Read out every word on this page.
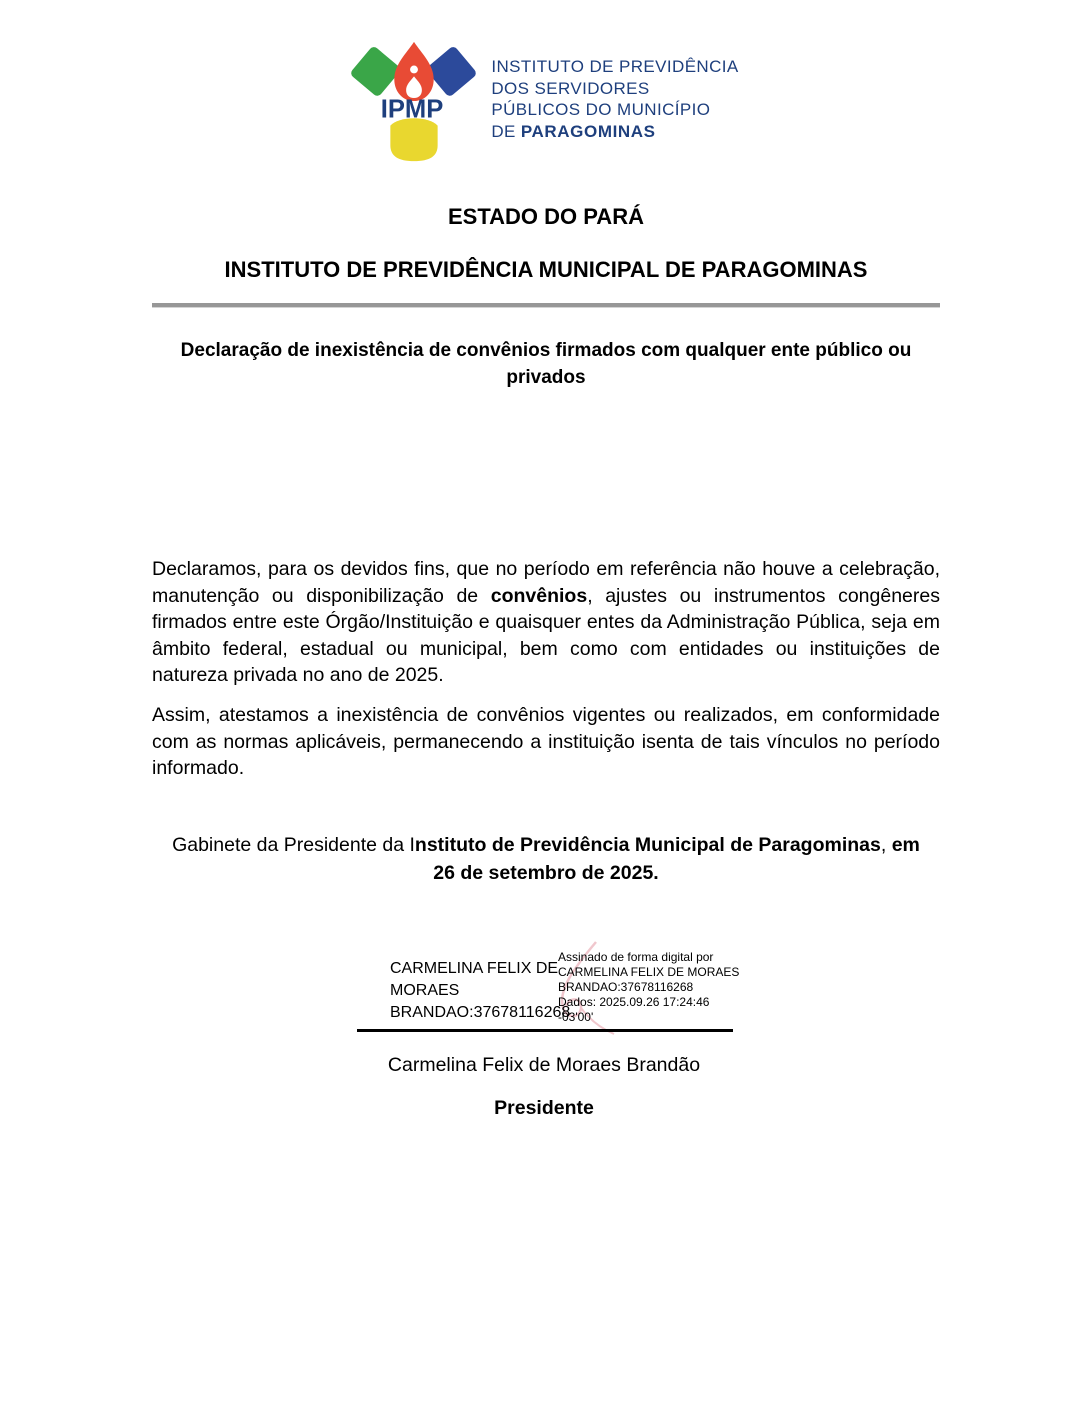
IPMP
INSTITUTO DE PREVIDÊNCIA
DOS SERVIDORES
PÚBLICOS DO MUNICÍPIO
DE PARAGOMINAS
ESTADO DO PARÁ
INSTITUTO DE PREVIDÊNCIA MUNICIPAL DE PARAGOMINAS
Declaração de inexistência de convênios firmados com qualquer ente público ou privados
Declaramos, para os devidos fins, que no período em referência não houve a celebração, manutenção ou disponibilização de convênios, ajustes ou instrumentos congêneres firmados entre este Órgão/Instituição e quaisquer entes da Administração Pública, seja em âmbito federal, estadual ou municipal, bem como com entidades ou instituições de natureza privada no ano de 2025.
Assim, atestamos a inexistência de convênios vigentes ou realizados, em conformidade com as normas aplicáveis, permanecendo a instituição isenta de tais vínculos no período informado.
Gabinete da Presidente da Instituto de Previdência Municipal de Paragominas, em
26 de setembro de 2025.
CARMELINA FELIX DE
MORAES
BRANDAO:37678116268
Assinado de forma digital por
CARMELINA FELIX DE MORAES
BRANDAO:37678116268
Dados: 2025.09.26 17:24:46
-03'00'
Carmelina Felix de Moraes Brandão
Presidente
